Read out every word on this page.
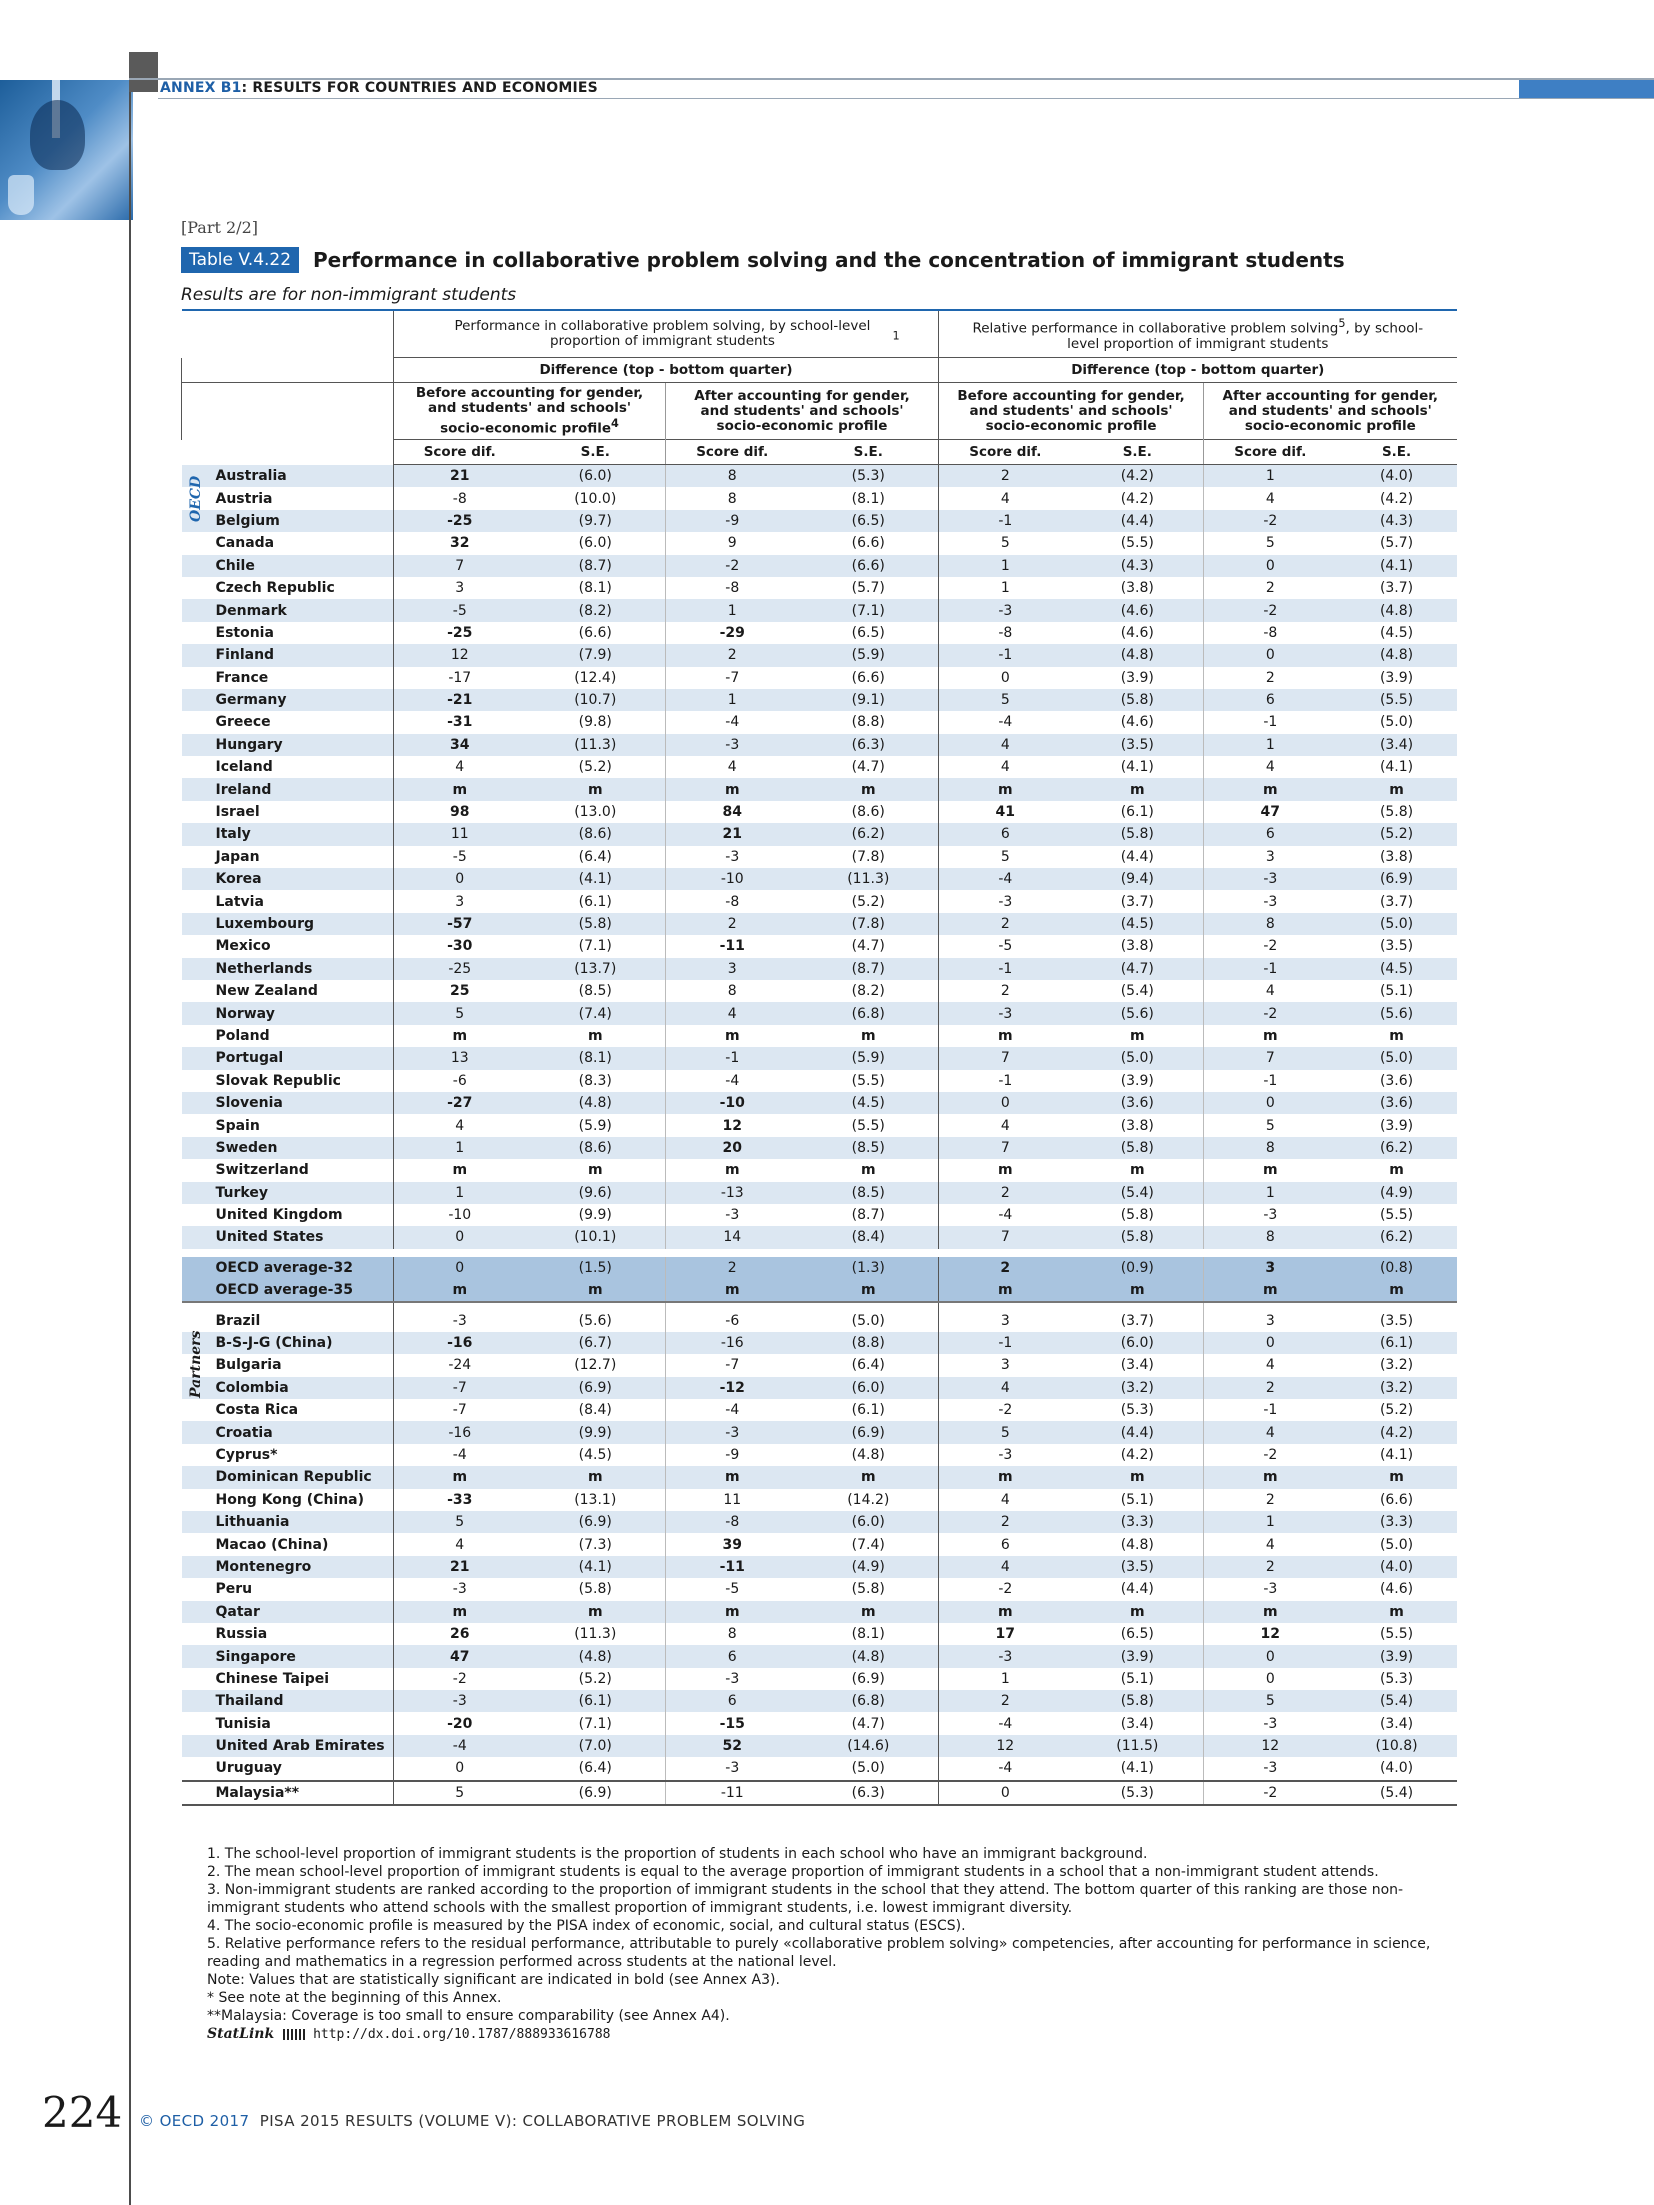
ANNEX B1: RESULTS FOR COUNTRIES AND ECONOMIES
[Part 2/2]
Table V.4.22	Performance in collaborative problem solving and the concentration of immigrant students
Results are for non-immigrant students
	Performance in collaborative problem solving, by school-level proportion of immigrant students $^1$				Relative performance in collaborative problem solving$^5$, by school-level proportion of immigrant students			
	Difference (top - bottom quarter)				Difference (top - bottom quarter)			
	Before accounting for gender, and students' and schools' socio-economic profile$^4$		After accounting for gender, and students' and schools' socio-economic profile		Before accounting for gender, and students' and schools' socio-economic profile		After accounting for gender, and students' and schools' socio-economic profile	
	Score dif.	S.E.	Score dif.	S.E.	Score dif.	S.E.	Score dif.	S.E.
Australia	21	(6.0)	8	(5.3)	2	(4.2)	1	(4.0)
Austria	-8	(10.0)	8	(8.1)	4	(4.2)	4	(4.2)
Belgium	-25	(9.7)	-9	(6.5)	-1	(4.4)	-2	(4.3)
Canada	32	(6.0)	9	(6.6)	5	(5.5)	5	(5.7)
Chile	7	(8.7)	-2	(6.6)	1	(4.3)	0	(4.1)
Czech Republic	3	(8.1)	-8	(5.7)	1	(3.8)	2	(3.7)
Denmark	-5	(8.2)	1	(7.1)	-3	(4.6)	-2	(4.8)
Estonia	-25	(6.6)	-29	(6.5)	-8	(4.6)	-8	(4.5)
Finland	12	(7.9)	2	(5.9)	-1	(4.8)	0	(4.8)
France	-17	(12.4)	-7	(6.6)	0	(3.9)	2	(3.9)
Germany	-21	(10.7)	1	(9.1)	5	(5.8)	6	(5.5)
Greece	-31	(9.8)	-4	(8.8)	-4	(4.6)	-1	(5.0)
Hungary	34	(11.3)	-3	(6.3)	4	(3.5)	1	(3.4)
Iceland	4	(5.2)	4	(4.7)	4	(4.1)	4	(4.1)
Ireland	m	m	m	m	m	m	m	m
Israel	98	(13.0)	84	(8.6)	41	(6.1)	47	(5.8)
Italy	11	(8.6)	21	(6.2)	6	(5.8)	6	(5.2)
Japan	-5	(6.4)	-3	(7.8)	5	(4.4)	3	(3.8)
Korea	0	(4.1)	-10	(11.3)	-4	(9.4)	-3	(6.9)
Latvia	3	(6.1)	-8	(5.2)	-3	(3.7)	-3	(3.7)
Luxembourg	-57	(5.8)	2	(7.8)	2	(4.5)	8	(5.0)
Mexico	-30	(7.1)	-11	(4.7)	-5	(3.8)	-2	(3.5)
Netherlands	-25	(13.7)	3	(8.7)	-1	(4.7)	-1	(4.5)
New Zealand	25	(8.5)	8	(8.2)	2	(5.4)	4	(5.1)
Norway	5	(7.4)	4	(6.8)	-3	(5.6)	-2	(5.6)
Poland	m	m	m	m	m	m	m	m
Portugal	13	(8.1)	-1	(5.9)	7	(5.0)	7	(5.0)
Slovak Republic	-6	(8.3)	-4	(5.5)	-1	(3.9)	-1	(3.6)
Slovenia	-27	(4.8)	-10	(4.5)	0	(3.6)	0	(3.6)
Spain	4	(5.9)	12	(5.5)	4	(3.8)	5	(3.9)
Sweden	1	(8.6)	20	(8.5)	7	(5.8)	8	(6.2)
Switzerland	m	m	m	m	m	m	m	m
Turkey	1	(9.6)	-13	(8.5)	2	(5.4)	1	(4.9)
United Kingdom	-10	(9.9)	-3	(8.7)	-4	(5.8)	-3	(5.5)
United States	0	(10.1)	14	(8.4)	7	(5.8)	8	(6.2)
OECD average-32	0	(1.5)	2	(1.3)	2	(0.9)	3	(0.8)
OECD average-35	m	m	m	m	m	m	m	m
Brazil	-3	(5.6)	-6	(5.0)	3	(3.7)	3	(3.5)
B-S-J-G (China)	-16	(6.7)	-16	(8.8)	-1	(6.0)	0	(6.1)
Bulgaria	-24	(12.7)	-7	(6.4)	3	(3.4)	4	(3.2)
Colombia	-7	(6.9)	-12	(6.0)	4	(3.2)	2	(3.2)
Costa Rica	-7	(8.4)	-4	(6.1)	-2	(5.3)	-1	(5.2)
Croatia	-16	(9.9)	-3	(6.9)	5	(4.4)	4	(4.2)
Cyprus*	-4	(4.5)	-9	(4.8)	-3	(4.2)	-2	(4.1)
Dominican Republic	m	m	m	m	m	m	m	m
Hong Kong (China)	-33	(13.1)	11	(14.2)	4	(5.1)	2	(6.6)
Lithuania	5	(6.9)	-8	(6.0)	2	(3.3)	1	(3.3)
Macao (China)	4	(7.3)	39	(7.4)	6	(4.8)	4	(5.0)
Montenegro	21	(4.1)	-11	(4.9)	4	(3.5)	2	(4.0)
Peru	-3	(5.8)	-5	(5.8)	-2	(4.4)	-3	(4.6)
Qatar	m	m	m	m	m	m	m	m
Russia	26	(11.3)	8	(8.1)	17	(6.5)	12	(5.5)
Singapore	47	(4.8)	6	(4.8)	-3	(3.9)	0	(3.9)
Chinese Taipei	-2	(5.2)	-3	(6.9)	1	(5.1)	0	(5.3)
Thailand	-3	(6.1)	6	(6.8)	2	(5.8)	5	(5.4)
Tunisia	-20	(7.1)	-15	(4.7)	-4	(3.4)	-3	(3.4)
United Arab Emirates	-4	(7.0)	52	(14.6)	12	(11.5)	12	(10.8)
Uruguay	0	(6.4)	-3	(5.0)	-4	(4.1)	-3	(4.0)
Malaysia**	5	(6.9)	-11	(6.3)	0	(5.3)	-2	(5.4)
OECD
Partners

1. The school-level proportion of immigrant students is the proportion of students in each school who have an immigrant background.

2. The mean school-level proportion of immigrant students is equal to the average proportion of immigrant students in a school that a non-immigrant student attends.

3. Non-immigrant students are ranked according to the proportion of immigrant students in the school that they attend. The bottom quarter of this ranking are those non-immigrant students who attend schools with the smallest proportion of immigrant students, i.e. lowest immigrant diversity.

4. The socio-economic profile is measured by the PISA index of economic, social, and cultural status (ESCS).

5. Relative performance refers to the residual performance, attributable to purely «collaborative problem solving» competencies, after accounting for performance in science, reading and mathematics in a regression performed across students at the national level.

Note: Values that are statistically significant are indicated in bold (see Annex A3).

* See note at the beginning of this Annex.

**Malaysia: Coverage is too small to ensure comparability (see Annex A4).

StatLink	http://dx.doi.org/10.1787/888933616788

224 © OECD 2017 PISA 2015 RESULTS (VOLUME V): COLLABORATIVE PROBLEM SOLVING
